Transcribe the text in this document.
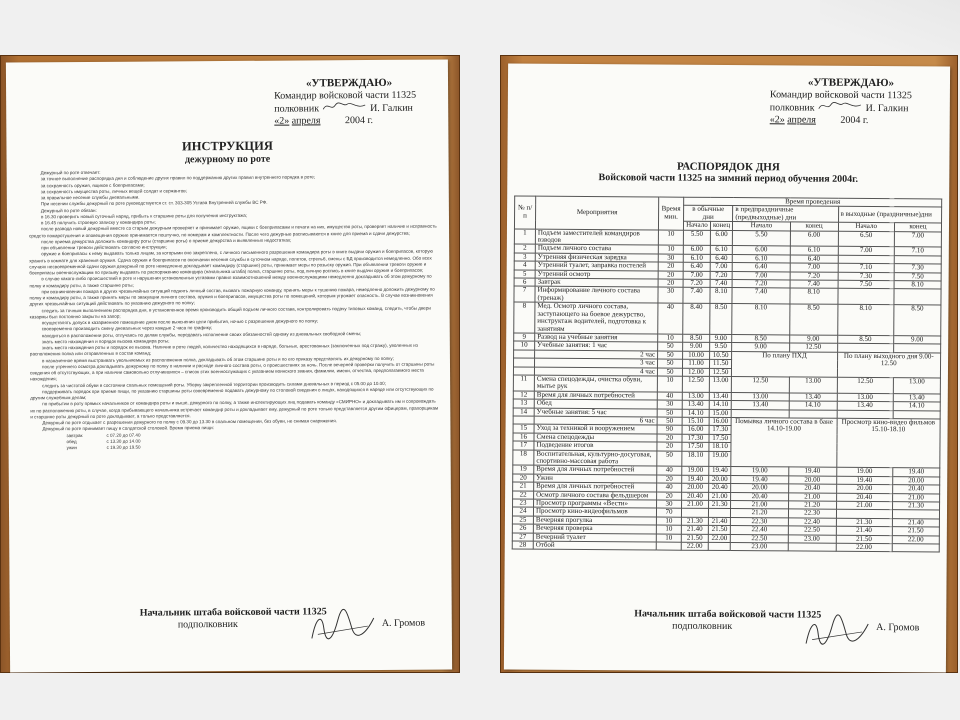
«УТВЕРЖДАЮ»
Командир войсковой части 11325
полковник	И. Галкин
«2» апреля 2004 г.
ИНСТРУКЦИЯ
дежурному по роте

Дежурный по роте отвечает:

за точное выполнение распорядка дня и соблюдение других правил по поддержанию других правил внутреннего порядка в роте;

за сохранность оружия, ящиков с боеприпасами;

за сохранность имущества роты, личных вещей солдат и сержантов;

за правильное несение службы дневальными.

При несении службы дежурный по роте руководствуется ст. ст. 303-305 Устава Внутренней службы ВС РФ.

Дежурный по роте обязан:

в 16.30 проверить новый суточный наряд, прибыть к старшине роты для получения инструктажа;

в 16.45 получить строевую записку у командира роты;

после развода новый дежурный вместе со старым дежурным проверяет и принимает оружие, ящики с боеприпасами и печати на них, имущество роты, проверяет наличие и исправность средств пожаротушения и оповещения оружие принимается поштучно, по номерам и комплектности. После чего дежурные расписываются в книге для приема и сдачи дежурства;

после приема дежурства доложить командиру роты (старшине роты) о приеме дежурства и выявленных недостатках;

при объявлении тревоги действовать согласно инструкции;

оружие и боеприпасы к нему выдавать только лицам, за которыми оно закреплено, с личного письменного разрешения командира роты в книге выдачи оружия и боеприпасов, которую хранить в комнате для хранения оружия. Сдача оружия и боеприпасов по окончании несения службы в суточном наряде, полетов, стрельб, смены с БД производится немедленно. Обо всех случаях несвоевременной сдачи оружия дежурный по роте немедленно докладывает командиру (старшине) роты, принимает меры по розыску оружия. При объявлении тревоги оружие и боеприпасы военнослужащим по призыву выдавать по распоряжению командира (начальника штаба) полка, старшине роты, под личную роспись в книге выдачи оружия и боеприпасов;

в случае какого-либо происшествий в роте и нарушения установленных уставами правил взаимоотношений между военнослужащими немедленно докладывать об этом дежурному по полку и командиру роты, а также старшине роты;

при возникновении пожара в других чрезвычайных ситуаций поднять личный состав, вызвать пожарную команду, принять меры к тушению пожара, немедленно доложить дежурному по полку и командиру роты, а также принять меры по эвакуации личного состава, оружия и боеприпасов, имущества роты по помещений, которым угрожает опасность. В случае возникновения других чрезвычайных ситуаций действовать по указанию дежурного по полку;

следить за точным выполнением распорядка дня, в установленное время производить общий подъем личного состава, контролировать подачу типовых команд, следить, чтобы двери казармы был постоянно закрыты на запор;

осуществлять допуск в казарменное помещение днем после выяснения цели прибытия, ночью с разрешения дежурного по полку;

своевременно производить смену дневальных через каждые 2 часа по графику;

находиться в расположении роты, отлучаясь по делам службы, передавать исполнение своих обязанностей одному из дневальных свободной смены;

знать место нахождения и порядок вызова командира роты;

знать место нахождения роты и порядок ее вызова. Наличие в роте людей, количество находящихся в наряде, больных, арестованных (заключенных под стражу), уволенных из расположения полка или отправленных в состав команд;

в назначенное время выстраивать увольняемых из расположения полка, докладывать об этом старшине роты и по его приказу представлять их дежурному по полку;

после утреннего осмотра докладывать дежурному по полку о наличии и расходе личного состава роты, о происшествиях за ночь. После вечерней проверки получить от старшины роты сведения об отсутствующих, а при наличии самовольно отлучившихся – список этих военнослужащих с указанием воинского звания, фамилии, имени, отчества, предполагаемого места нахождения;

следить за чистотой обуви в состоянии спальных помещений роты. Уборку закрепленной территории производить силами дневальных в период с 05.00 до 10.00;

поддерживать порядок при приеме пищи, по указанию старшины роты своевременно подавать дежурному по столовой сведения о лицах, находящихся в наряде или отсутствующих по другим служебным делам;

по прибытии в роту прямых начальников от командира роты и выше, дежурного по полку, а также инспектирующих лиц подавать команду «СМИРНО» и докладывать им и сопровождать их по расположению роты, в случае, когда прибывающего начальника встречает командир роты и докладывает ему, дежурный по роте только представляется другим офицерам, прапорщикам и старшине роты дежурный по роте докладывает, а только представляется.

Дежурный по роте отдыхает с разрешения дежурного по полку с 09.30 до 13.30 в спальном помещении, без обуви, не снимая снаряжения.

Дежурный по роте принимает пищу в солдатской столовой. Время приема пищи:

завтрак	с 07.20 до 07.40

обед	с 13.30 до 14.00

ужин	с 19.30 до 19.50

Начальник штаба войсковой части 11325
подполковник	А. Громов
«УТВЕРЖДАЮ»
Командир войсковой части 11325
полковник	И. Галкин
«2» апреля 2004 г.
РАСПОРЯДОК ДНЯ
Войсковой части 11325 на зимний период обучения 2004г.
№ п/п	Мероприятия	Время мин.	Время проведения					
			в обычные дни		в предпраздничные (предвыходные) дни		в выходные (праздничные)дни	
			Начало	конец	Начало	конец	Начало	конец
1	Подъем заместителей командиров взводов	10	5.50	6.00	5.50	6.00	6.50	7.00
2	Подъем личного состава	10	6.00	6.10	6.00	6.10	7.00	7.10
3	Утренняя физическая зарядка	30	6.10	6.40	6.10	6.40		
4	Утренний туалет, заправка постелей	20	6.40	7.00	6.40	7.00	7.10	7.30
5	Утренний осмотр	20	7.00	7.20	7.00	7.20	7.30	7.50
6	Завтрак	20	7.20	7.40	7.20	7.40	7.50	8.10
7	Информирование личного состава (тренаж)	30	7.40	8.10	7.40	8.10		
8	Мед. Осмотр личного состава, заступающего на боевое дежурство, инструктаж водителей, подготовка к занятиям	40	8.40	8.50	8.10	8.50	8.10	8.50
9	Развод на учебные занятия	10	8.50	9.00	8.50	9.00	8.50	9.00
10	Учебные занятия: 1 час	50	9.00	9.50	9.00	12.50		
	2 час	50	10.00	10.50	По плану ПХД		По плану выходного дня 9.00-12.50	
	3 час	50	11.00	11.50				
	4 час	50	12.00	12.50				
11	Смена спецодежды, очистка обуви, мытье рук	10	12.50	13.00	12.50	13.00	12.50	13.00
12	Время для личных потребностей	40	13.00	13.40	13.00	13.40	13.00	13.40
13	Обед	30	13.40	14.10	13.40	14.10	13.40	14.10
14	Учебные занятия: 5 час	50	14.10	15.00				
	6 час	50	15.10	16.00	Помывка личного состава в бане 14.10-19.00		Просмотр кино-видео фильмов 15.10-18.10	
15	Уход за техникой и вооружением	90	16.00	17.30				
16	Смена спецодежды	20	17.30	17.50				
17	Подведение итогов	20	17.50	18.10				
18	Воспитательная, культурно-досуговая, спортивно-массовая работа	50	18.10	19.00				
19	Время для личных потребностей	40	19.00	19.40	19.00	19.40	19.00	19.40
20	Ужин	20	19.40	20.00	19.40	20.00	19.40	20.00
21	Время для личных потребностей	40	20.00	20.40	20.00	20.40	20.00	20.40
22	Осмотр личного состава фельдшером	20	20.40	21.00	20.40	21.00	20.40	21.00
23	Просмотр программы «Вести»	30	21.00	21.30	21.00	21.20	21.00	21.30
24	Просмотр кино-видеофильмов	70			21.20	22.30		
25	Вечерняя прогулка	10	21.30	21.40	22.30	22.40	21.30	21.40
26	Вечерняя проверка	10	21.40	21.50	22.40	22.50	21.40	21.50
27	Вечерний туалет	10	21.50	22.00	22.50	23.00	21.50	22.00
28	Отбой		22.00		23.00		22.00	
Начальник штаба войсковой части 11325
подполковник	А. Громов
